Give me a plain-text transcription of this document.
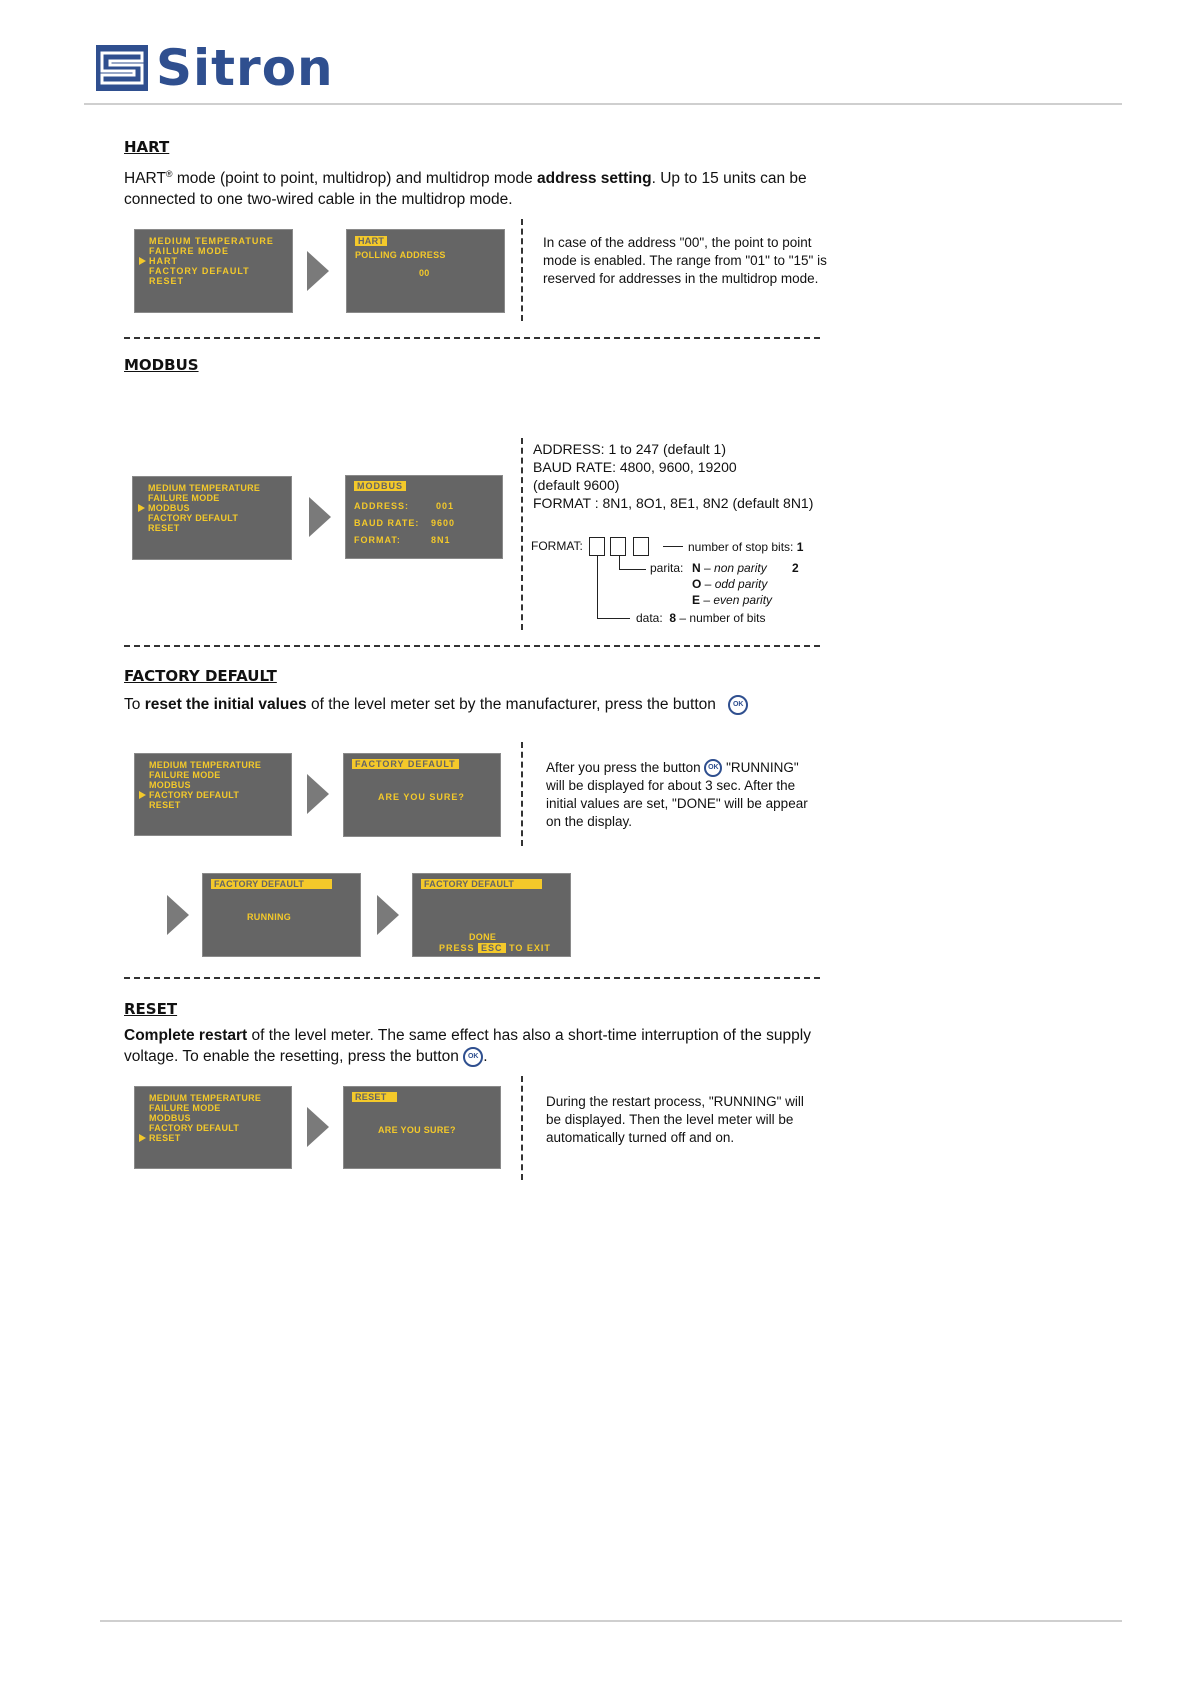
Sitron
HART
HART® mode (point to point, multidrop) and multidrop mode address setting. Up to 15 units can be
connected to one two-wired cable in the multidrop mode.
MEDIUM TEMPERATURE
FAILURE MODE
HART
FACTORY DEFAULT
RESET
HART
POLLING ADDRESS
00
In case of the address "00", the point to point
mode is enabled. The range from "01" to "15" is
reserved for addresses in the multidrop mode.
MODBUS
MEDIUM TEMPERATURE
FAILURE MODE
MODBUS
FACTORY DEFAULT
RESET
MODBUS
ADDRESS:	001
BAUD RATE: 9600
FORMAT:	8N1
ADDRESS: 1 to 247 (default 1)
BAUD RATE: 4800, 9600, 19200
(default 9600)
FORMAT : 8N1, 8O1, 8E1, 8N2 (default 8N1)
FORMAT:	number of stop bits: 1
parita: N – non parity 2
O – odd parity
E – even parity
data: 8 – number of bits
FACTORY DEFAULT
To reset the initial values of the level meter set by the manufacturer, press the button OK
MEDIUM TEMPERATURE
FAILURE MODE
MODBUS
FACTORY DEFAULT
RESET
FACTORY DEFAULT
ARE YOU SURE?
After you press the button OK "RUNNING"
will be displayed for about 3 sec. After the
initial values are set, "DONE" will be appear
on the display.
FACTORY DEFAULT
RUNNING
FACTORY DEFAULT
DONE
PRESS ESC TO EXIT
RESET
Complete restart of the level meter. The same effect has also a short-time interruption of the supply
voltage. To enable the resetting, press the button OK .
MEDIUM TEMPERATURE
FAILURE MODE
MODBUS
FACTORY DEFAULT
RESET
RESET
ARE YOU SURE?
During the restart process, "RUNNING" will
be displayed. Then the level meter will be
automatically turned off and on.
